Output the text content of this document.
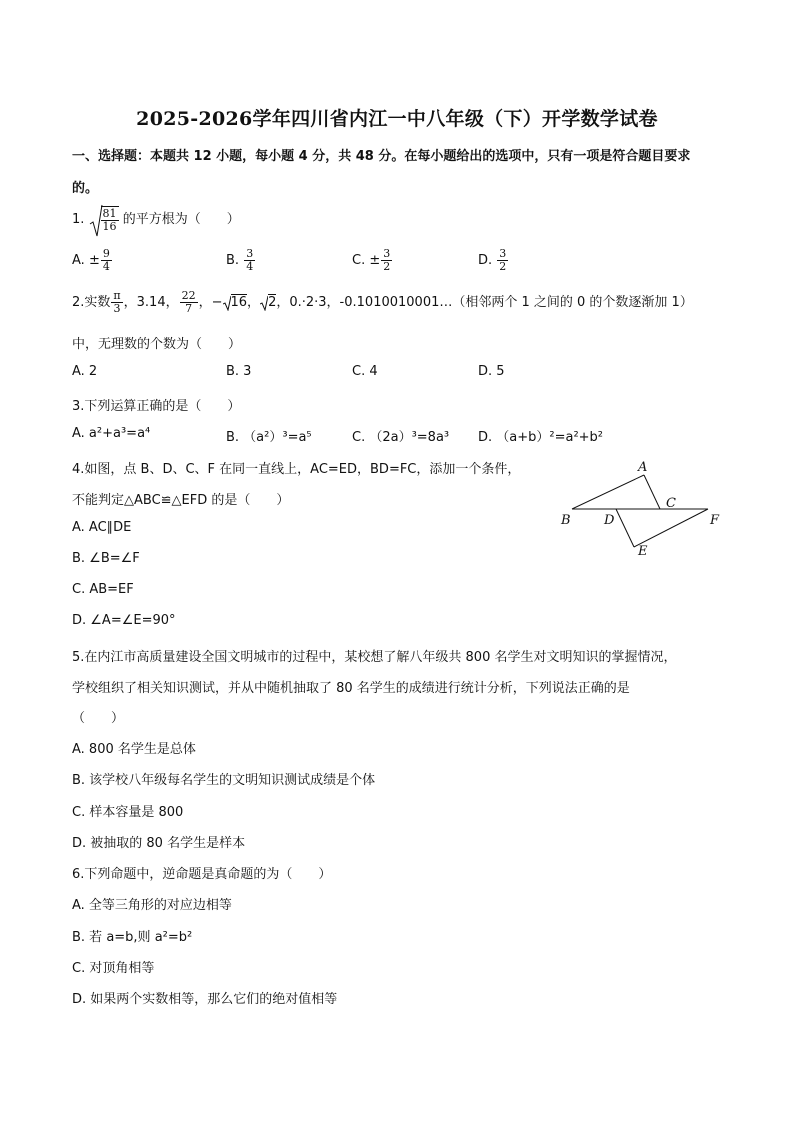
2025-2026学年四川省内江一中八年级（下）开学数学试卷
一、选择题：本题共 12 小题，每小题 4 分，共 48 分。在每小题给出的选项中，只有一项是符合题目要求
的。
1. $\frac{81}{16}$ 的平方根为（　　）
A. ± $\frac{9}{4}$	B. $\frac{3}{4}$	C. ± $\frac{3}{2}$	D. $\frac{3}{2}$
2.实数 $\frac{\pi}{3}$ ，3.14， $\frac{22}{7}$ ，− 16， 2，0.·2·3，-0.1010010001…（相邻两个 1 之间的 0 的个数逐渐加 1）
中，无理数的个数为（　　）
A. 2	B. 3	C. 4	D. 5
3.下列运算正确的是（　　）
A. a²+a³=a⁴	B. （a²）³=a⁵	C. （2a）³=8a³ D. （a+b）²=a²+b²
4.如图，点 B、D、C、F 在同一直线上，AC=ED，BD=FC，添加一个条件，
不能判定△ABC≌△EFD 的是（　　）
A. AC∥DE
B. ∠B=∠F
C. AB=EF
D. ∠A=∠E=90°
A
B	D
C
F
E
5.在内江市高质量建设全国文明城市的过程中，某校想了解八年级共 800 名学生对文明知识的掌握情况，
学校组织了相关知识测试，并从中随机抽取了 80 名学生的成绩进行统计分析，下列说法正确的是
（　　）
A. 800 名学生是总体
B. 该学校八年级每名学生的文明知识测试成绩是个体
C. 样本容量是 800
D. 被抽取的 80 名学生是样本
6.下列命题中，逆命题是真命题的为（　　）
A. 全等三角形的对应边相等
B. 若 a=b,则 a²=b²
C. 对顶角相等
D. 如果两个实数相等，那么它们的绝对值相等
